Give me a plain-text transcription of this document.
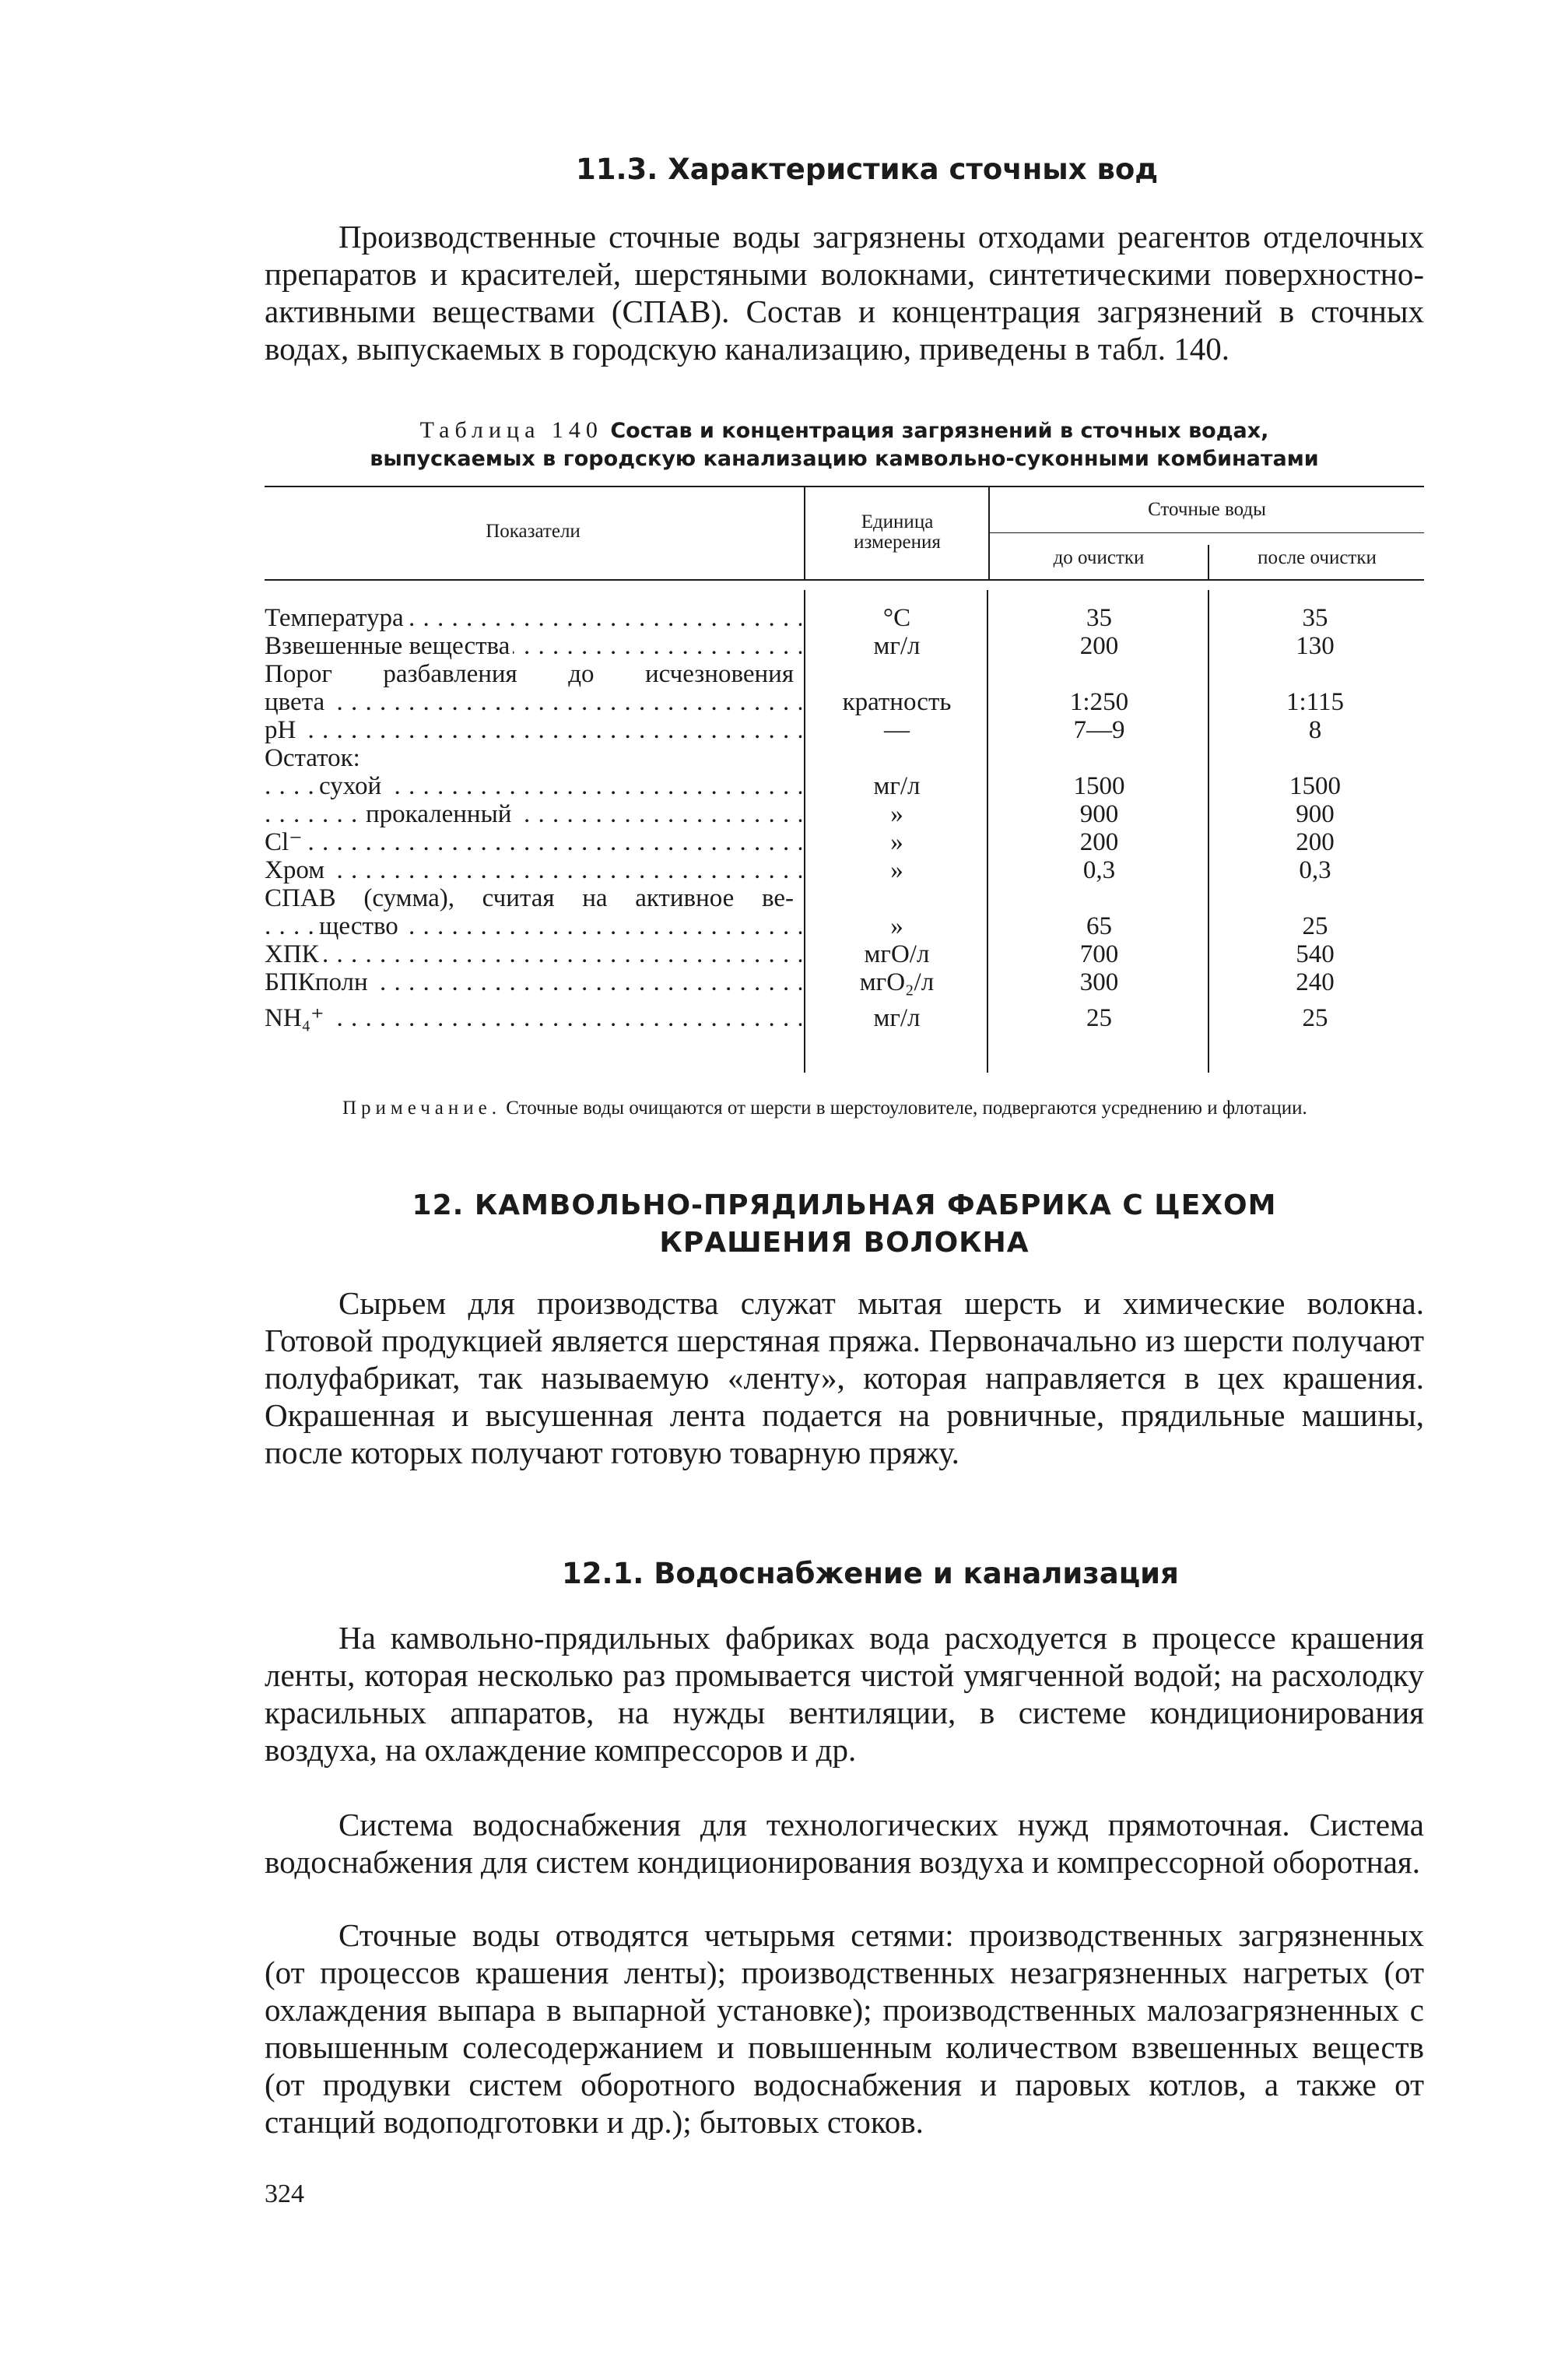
11.3. Характеристика сточных вод

Производственные сточные воды загрязнены отходами реагентов отделочных препаратов и красителей, шерстяными волокнами, синтетическими поверхностно-активными веществами (СПАВ). Состав и концентрация загрязнений в сточных водах, выпускаемых в городскую канализацию, приведены в табл. 140.

Таблица 140 Состав и концентрация загрязнений в сточных водах,
выпускаемых в городскую канализацию камвольно-суконными комбинатами
Показатели	Единица
измерения
Сточные воды
до очистки	после очистки
Температура . . .	°С	35	35
Взвешенные вещества . . .	мг/л	200	130
Порог разбавления до исчезновения
цвета . . .	кратность	1:250	1:115
pH . . .	—	7—9	8
Остаток:
сухой . . .	мг/л	1500	1500
прокаленный . . .	»	900	900
Cl⁻ . . .	»	200	200
Хром . . .	»	0,3	0,3
СПАВ (сумма), считая на активное ве-
щество . . .	»	65	25
ХПК . . .	мгО/л	700	540
БПКполн . . .	мгО₂/л	300	240
NH₄⁺ . . .	мг/л	25	25
Примечание. Сточные воды очищаются от шерсти в шерстоуловителе, подвергаются усреднению и флотации.
12. КАМВОЛЬНО-ПРЯДИЛЬНАЯ ФАБРИКА С ЦЕХОМ
КРАШЕНИЯ ВОЛОКНА

Сырьем для производства служат мытая шерсть и химические волокна. Готовой продукцией является шерстяная пряжа. Первоначально из шерсти получают полуфабрикат, так называемую «ленту», которая направляется в цех крашения. Окрашенная и высушенная лента подается на ровничные, прядильные машины, после которых получают готовую товарную пряжу.

12.1. Водоснабжение и канализация

На камвольно-прядильных фабриках вода расходуется в процессе крашения ленты, которая несколько раз промывается чистой умягченной водой; на расхолодку красильных аппаратов, на нужды вентиляции, в системе кондиционирования воздуха, на охлаждение компрессоров и др.

Система водоснабжения для технологических нужд прямоточная. Система водоснабжения для систем кондиционирования воздуха и компрессорной оборотная.

Сточные воды отводятся четырьмя сетями: производственных загрязненных (от процессов крашения ленты); производственных незагрязненных нагретых (от охлаждения выпара в выпарной установке); производственных малозагрязненных с повышенным солесодержанием и повышенным количеством взвешенных веществ (от продувки систем оборотного водоснабжения и паровых котлов, а также от станций водоподготовки и др.); бытовых стоков.

324
